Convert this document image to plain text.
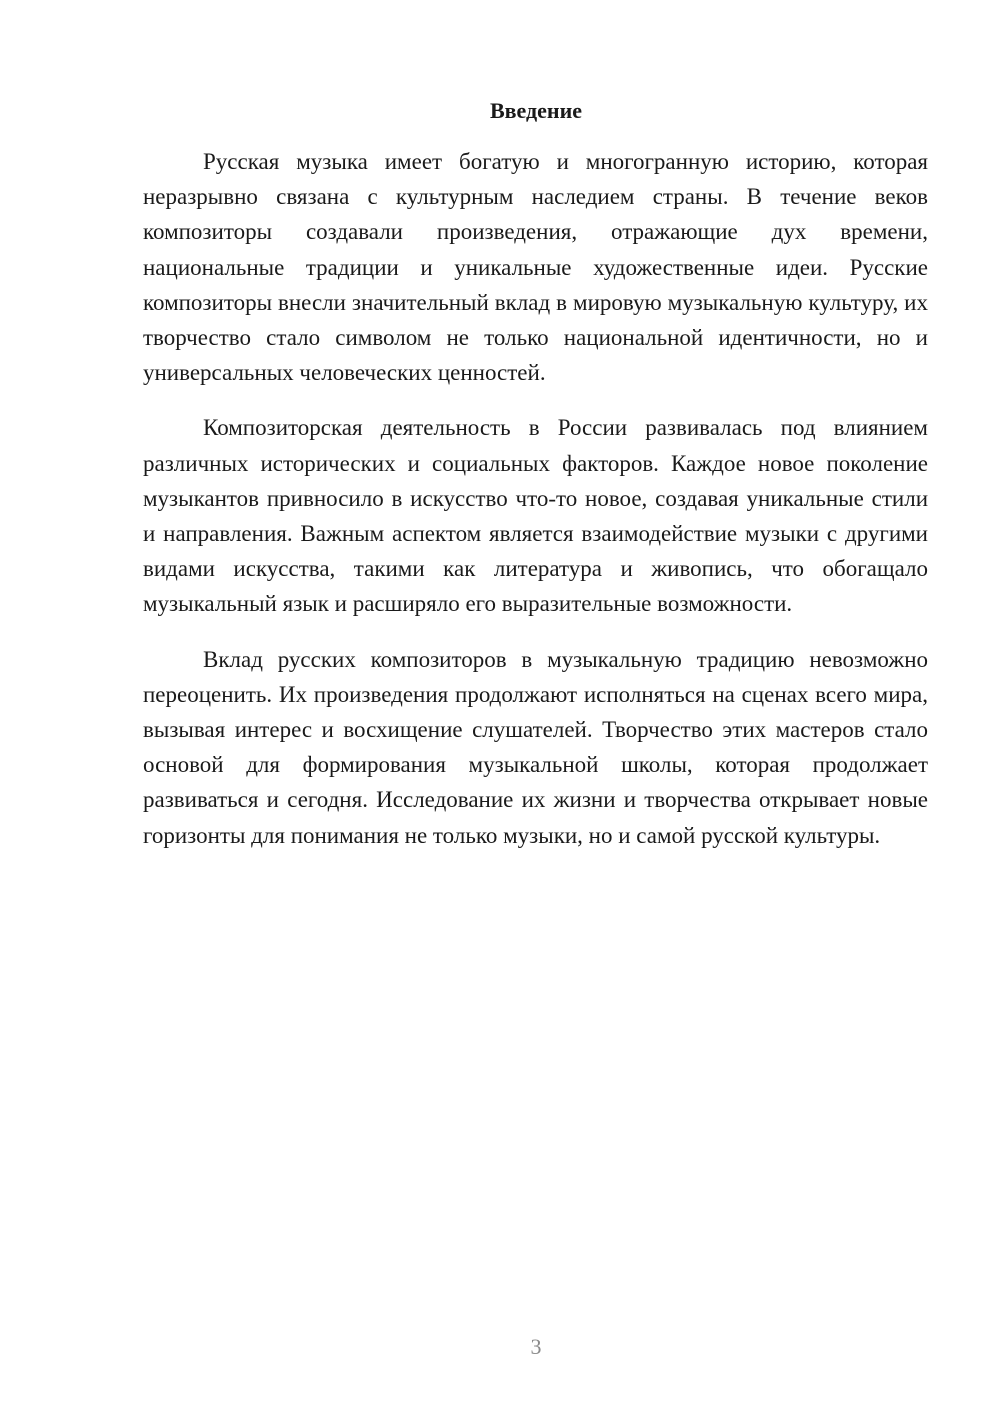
Введение

Русская музыка имеет богатую и многогранную историю, которая неразрывно связана с культурным наследием страны. В течение веков композиторы создавали произведения, отражающие дух времени, национальные традиции и уникальные художественные идеи. Русские композиторы внесли значительный вклад в мировую музыкальную культуру, их творчество стало символом не только национальной идентичности, но и универсальных человеческих ценностей.

Композиторская деятельность в России развивалась под влиянием различных исторических и социальных факторов. Каждое новое поколение музыкантов привносило в искусство что-то новое, создавая уникальные стили и направления. Важным аспектом является взаимодействие музыки с другими видами искусства, такими как литература и живопись, что обогащало музыкальный язык и расширяло его выразительные возможности.

Вклад русских композиторов в музыкальную традицию невозможно переоценить. Их произведения продолжают исполняться на сценах всего мира, вызывая интерес и восхищение слушателей. Творчество этих мастеров стало основой для формирования музыкальной школы, которая продолжает развиваться и сегодня. Исследование их жизни и творчества открывает новые горизонты для понимания не только музыки, но и самой русской культуры.

3
